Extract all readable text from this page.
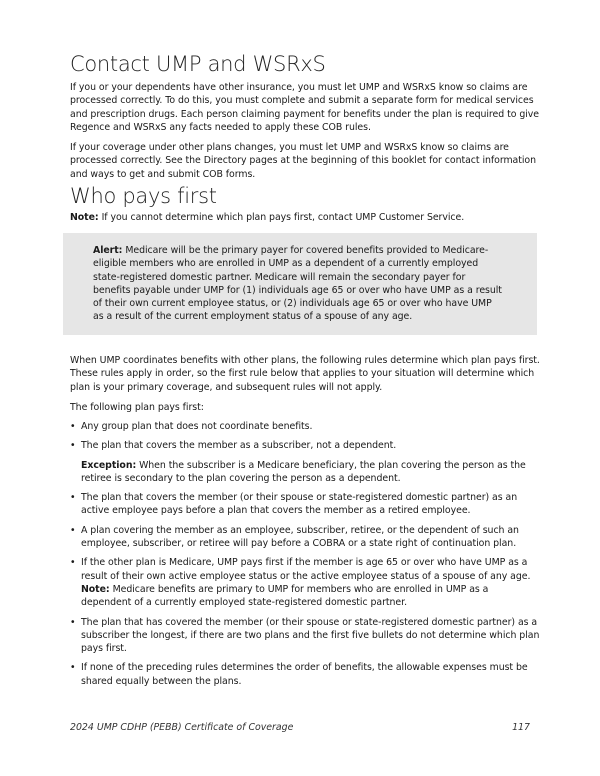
Contact UMP and WSRxS

If you or your dependents have other insurance, you must let UMP and WSRxS know so claims are processed correctly. To do this, you must complete and submit a separate form for medical services and prescription drugs. Each person claiming payment for benefits under the plan is required to give Regence and WSRxS any facts needed to apply these COB rules.

If your coverage under other plans changes, you must let UMP and WSRxS know so claims are processed correctly. See the Directory pages at the beginning of this booklet for contact information and ways to get and submit COB forms.

Who pays first

Note: If you cannot determine which plan pays first, contact UMP Customer Service.

Alert: Medicare will be the primary payer for covered benefits provided to Medicare-eligible members who are enrolled in UMP as a dependent of a currently employed state-registered domestic partner. Medicare will remain the secondary payer for benefits payable under UMP for (1) individuals age 65 or over who have UMP as a result of their own current employee status, or (2) individuals age 65 or over who have UMP as a result of the current employment status of a spouse of any age.

When UMP coordinates benefits with other plans, the following rules determine which plan pays first. These rules apply in order, so the first rule below that applies to your situation will determine which plan is your primary coverage, and subsequent rules will not apply.

The following plan pays first:

• Any group plan that does not coordinate benefits.
• The plan that covers the member as a subscriber, not a dependent.

Exception: When the subscriber is a Medicare beneficiary, the plan covering the person as the retiree is secondary to the plan covering the person as a dependent.

• The plan that covers the member (or their spouse or state-registered domestic partner) as an active employee pays before a plan that covers the member as a retired employee.
• A plan covering the member as an employee, subscriber, retiree, or the dependent of such an employee, subscriber, or retiree will pay before a COBRA or a state right of continuation plan.
• If the other plan is Medicare, UMP pays first if the member is age 65 or over who have UMP as a result of their own active employee status or the active employee status of a spouse of any age. Note: Medicare benefits are primary to UMP for members who are enrolled in UMP as a dependent of a currently employed state-registered domestic partner.
• The plan that has covered the member (or their spouse or state-registered domestic partner) as a subscriber the longest, if there are two plans and the first five bullets do not determine which plan pays first.
• If none of the preceding rules determines the order of benefits, the allowable expenses must be shared equally between the plans.
2024 UMP CDHP (PEBB) Certificate of Coverage	117
